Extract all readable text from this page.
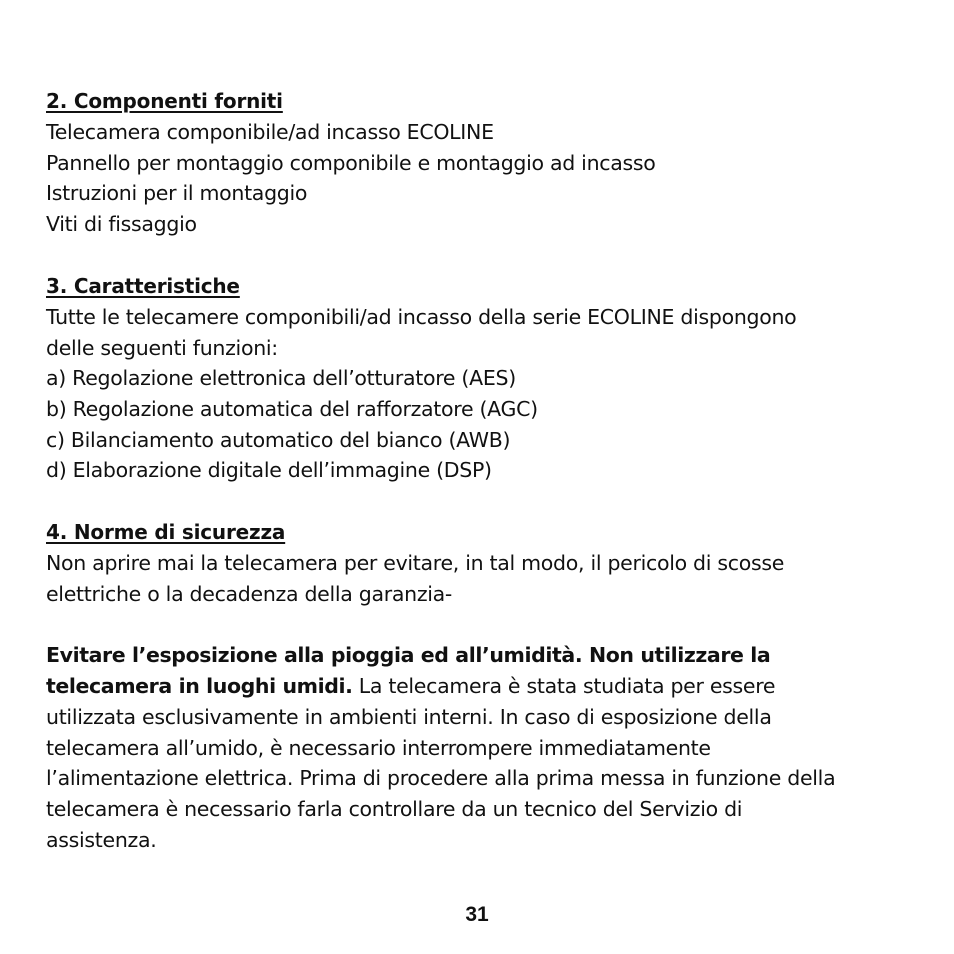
2. Componenti forniti

Telecamera componibile/ad incasso ECOLINE

Pannello per montaggio componibile e montaggio ad incasso

Istruzioni per il montaggio

Viti di fissaggio

3. Caratteristiche

Tutte le telecamere componibili/ad incasso della serie ECOLINE dispongono

delle seguenti funzioni:

a) Regolazione elettronica dell’otturatore (AES)

b) Regolazione automatica del rafforzatore (AGC)

c) Bilanciamento automatico del bianco (AWB)

d) Elaborazione digitale dell’immagine (DSP)

4. Norme di sicurezza

Non aprire mai la telecamera per evitare, in tal modo, il pericolo di scosse

elettriche o la decadenza della garanzia-

Evitare l’esposizione alla pioggia ed all’umidità. Non utilizzare la

telecamera in luoghi umidi. La telecamera è stata studiata per essere

utilizzata esclusivamente in ambienti interni. In caso di esposizione della

telecamera all’umido, è necessario interrompere immediatamente

l’alimentazione elettrica. Prima di procedere alla prima messa in funzione della

telecamera è necessario farla controllare da un tecnico del Servizio di

assistenza.

31
